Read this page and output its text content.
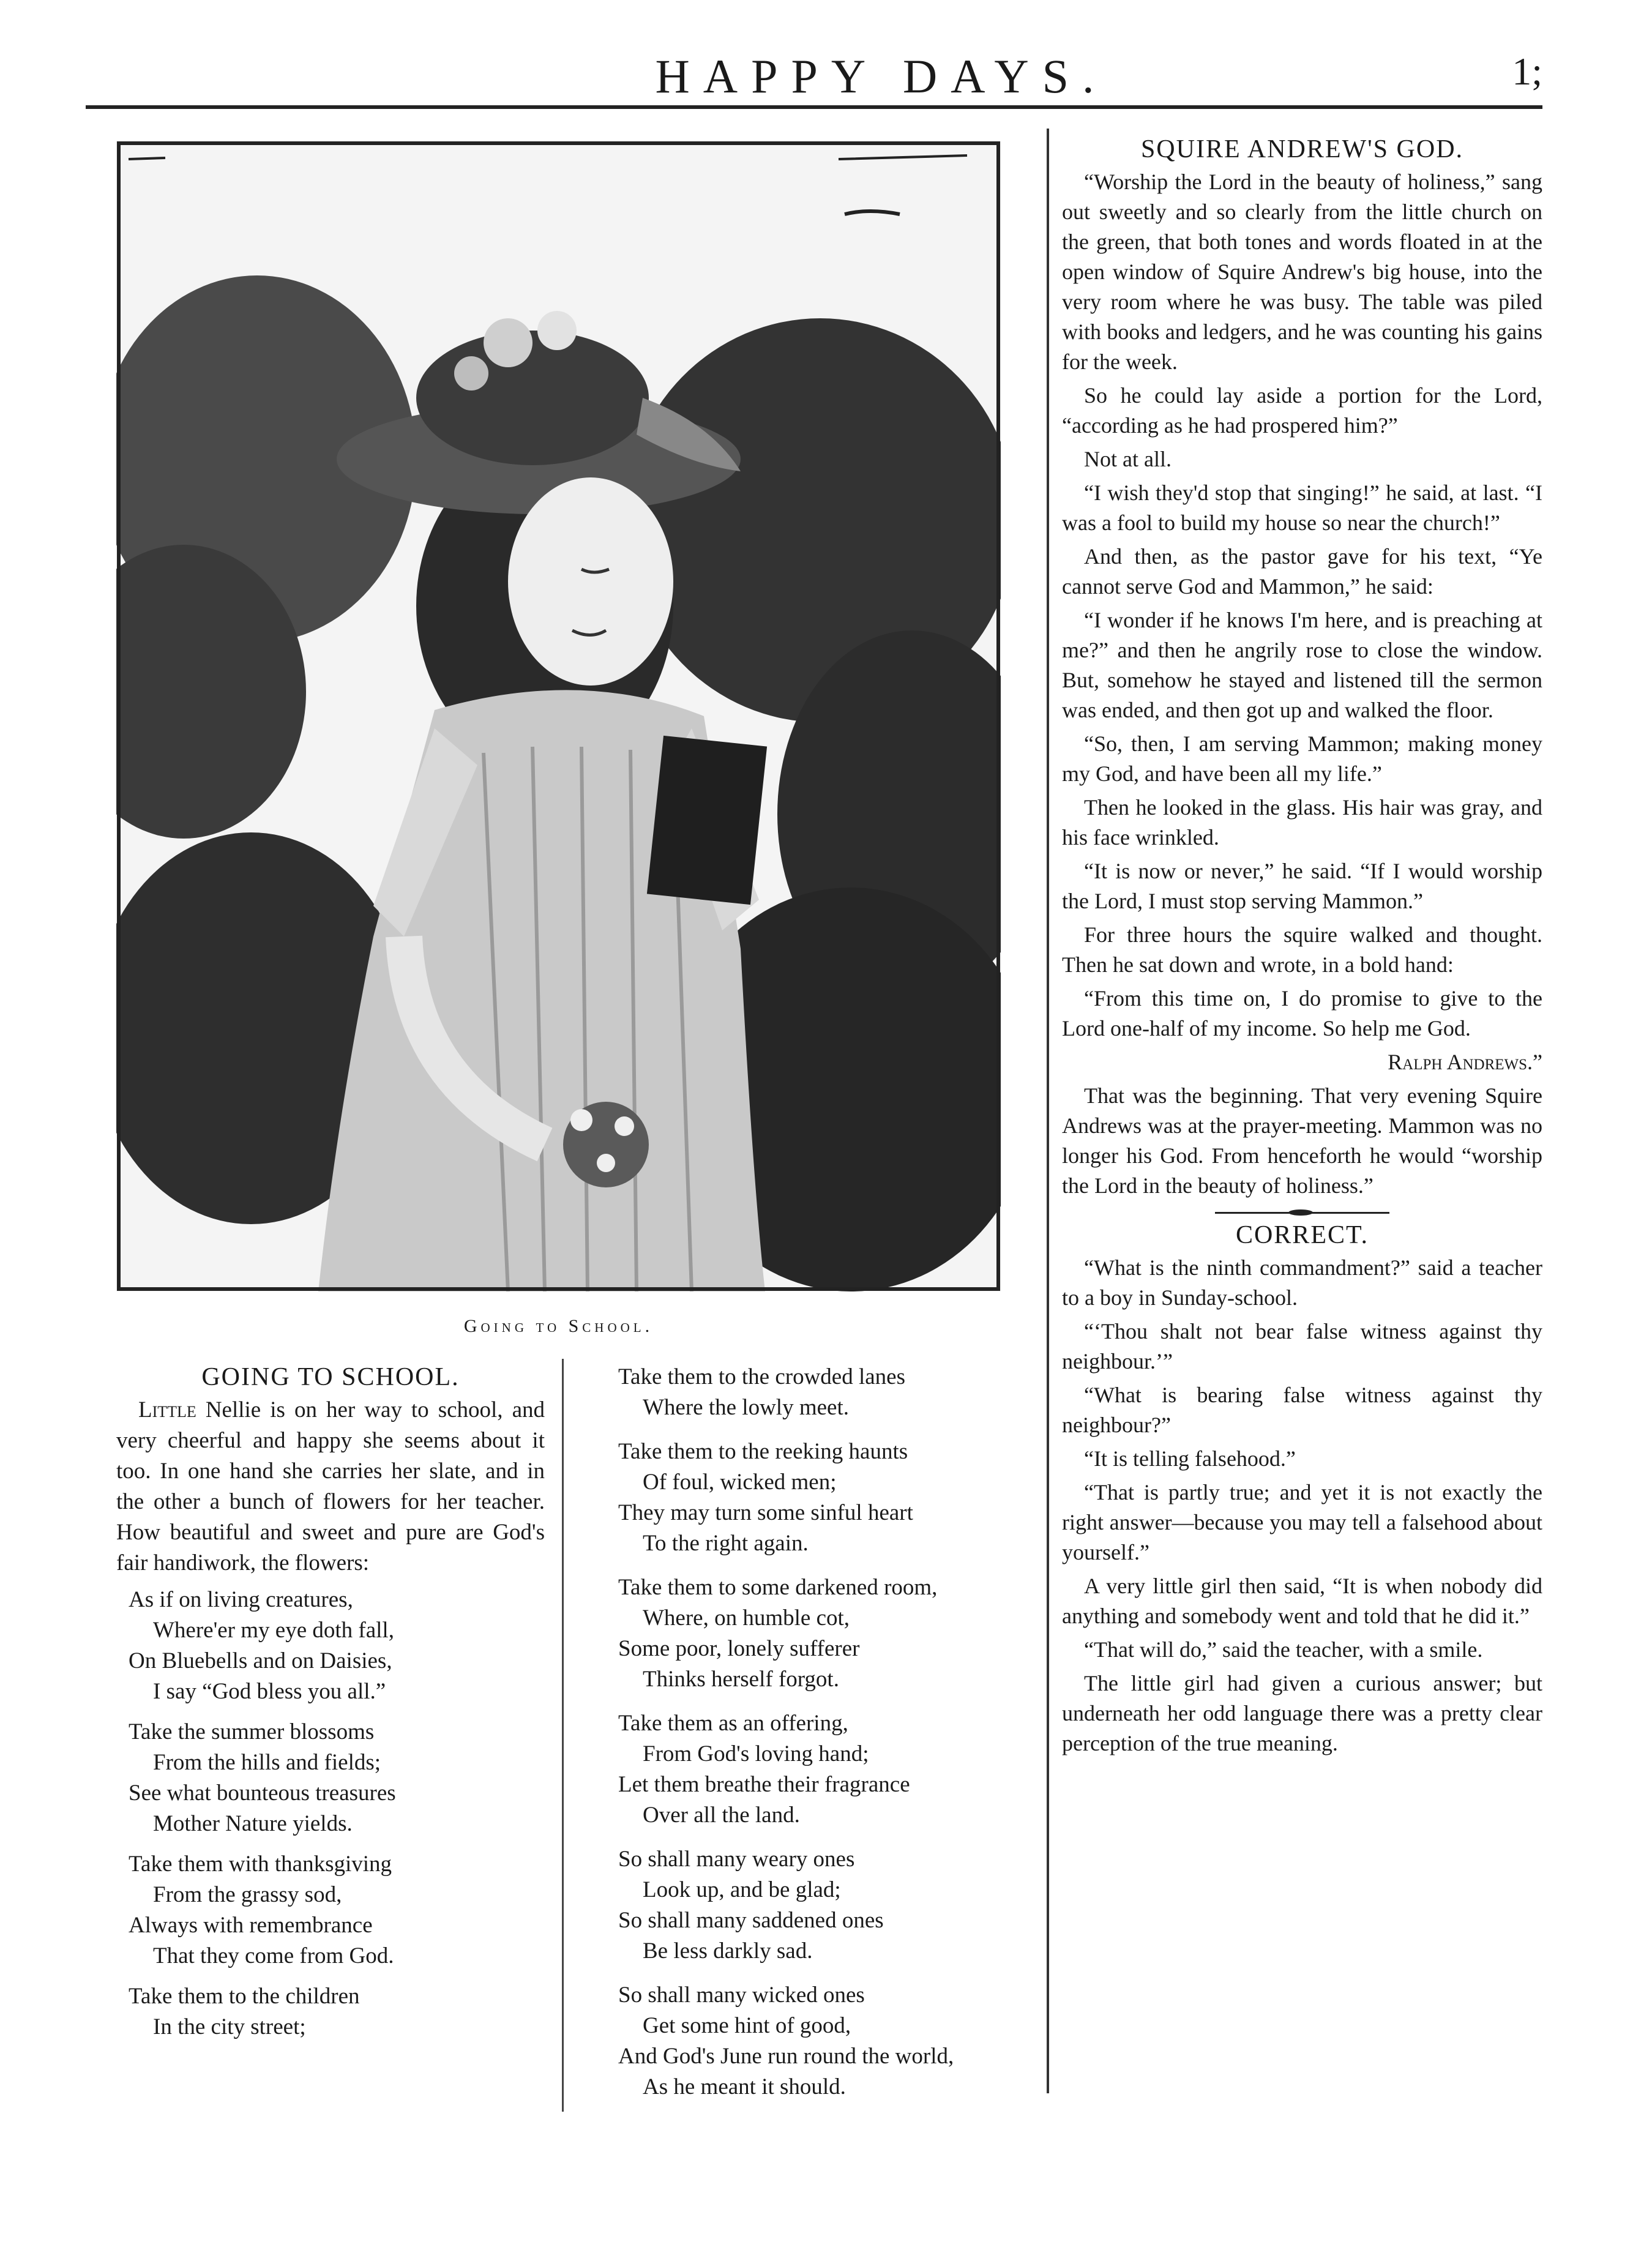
HAPPY DAYS.	1;
Going to School.
GOING TO SCHOOL.

Little Nellie is on her way to school, and very cheerful and happy she seems about it too. In one hand she carries her slate, and in the other a bunch of flowers for her teacher. How beautiful and sweet and pure are God's fair handiwork, the flowers:

As if on living creatures,
Where'er my eye doth fall,
On Bluebells and on Daisies,
I say “God bless you all.”
Take the summer blossoms
From the hills and fields;
See what bounteous treasures
Mother Nature yields.
Take them with thanksgiving
From the grassy sod,
Always with remembrance
That they come from God.
Take them to the children
In the city street;
Take them to the crowded lanes
Where the lowly meet.
Take them to the reeking haunts
Of foul, wicked men;
They may turn some sinful heart
To the right again.
Take them to some darkened room,
Where, on humble cot,
Some poor, lonely sufferer
Thinks herself forgot.
Take them as an offering,
From God's loving hand;
Let them breathe their fragrance
Over all the land.
So shall many weary ones
Look up, and be glad;
So shall many saddened ones
Be less darkly sad.
So shall many wicked ones
Get some hint of good,
And God's June run round the world,
As he meant it should.
SQUIRE ANDREW'S GOD.

“Worship the Lord in the beauty of holiness,” sang out sweetly and so clearly from the little church on the green, that both tones and words floated in at the open window of Squire Andrew's big house, into the very room where he was busy. The table was piled with books and ledgers, and he was counting his gains for the week.

So he could lay aside a portion for the Lord, “according as he had prospered him?”

Not at all.

“I wish they'd stop that singing!” he said, at last. “I was a fool to build my house so near the church!”

And then, as the pastor gave for his text, “Ye cannot serve God and Mammon,” he said:

“I wonder if he knows I'm here, and is preaching at me?” and then he angrily rose to close the window. But, somehow he stayed and listened till the sermon was ended, and then got up and walked the floor.

“So, then, I am serving Mammon; making money my God, and have been all my life.”

Then he looked in the glass. His hair was gray, and his face wrinkled.

“It is now or never,” he said. “If I would worship the Lord, I must stop serving Mammon.”

For three hours the squire walked and thought. Then he sat down and wrote, in a bold hand:

“From this time on, I do promise to give to the Lord one-half of my income. So help me God.

Ralph Andrews.”

That was the beginning. That very evening Squire Andrews was at the prayer-meeting. Mammon was no longer his God. From henceforth he would “worship the Lord in the beauty of holiness.”

CORRECT.

“What is the ninth commandment?” said a teacher to a boy in Sunday-school.

“‘Thou shalt not bear false witness against thy neighbour.’”

“What is bearing false witness against thy neighbour?”

“It is telling falsehood.”

“That is partly true; and yet it is not exactly the right answer—because you may tell a falsehood about yourself.”

A very little girl then said, “It is when nobody did anything and somebody went and told that he did it.”

“That will do,” said the teacher, with a smile.

The little girl had given a curious answer; but underneath her odd language there was a pretty clear perception of the true meaning.
